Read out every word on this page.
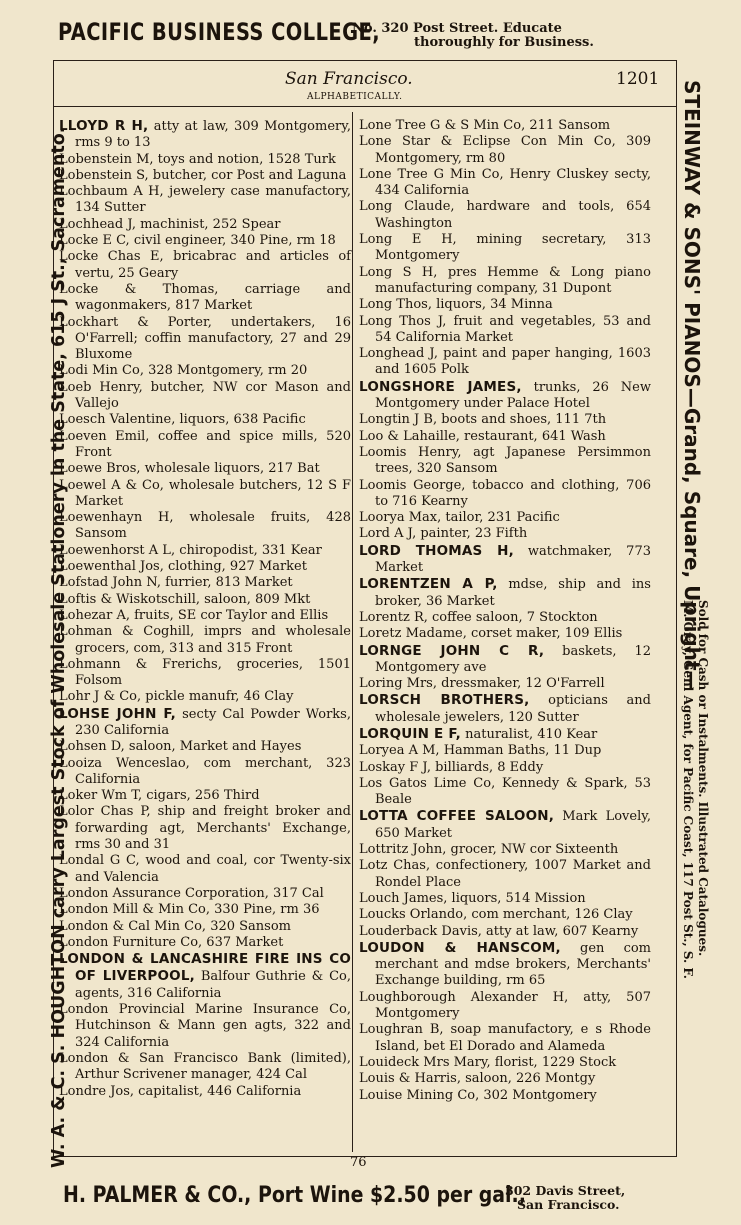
PACIFIC BUSINESS COLLEGE,
No. 320 Post Street. Educate
thoroughly for Business.
San Francisco.	1201
ALPHABETICALLY.
LLOYD R H, atty at law, 309 Montgomery, rms 9 to 13
Lobenstein M, toys and notion, 1528 Turk
Lobenstein S, butcher, cor Post and Laguna
Lochbaum A H, jewelery case manufactory, 134 Sutter
Lochhead J, machinist, 252 Spear
Locke E C, civil engineer, 340 Pine, rm 18
Locke Chas E, bricabrac and articles of vertu, 25 Geary
Locke & Thomas, carriage and wagonmakers, 817 Market
Lockhart & Porter, undertakers, 16 O'Farrell; coffin manufactory, 27 and 29 Bluxome
Lodi Min Co, 328 Montgomery, rm 20
Loeb Henry, butcher, NW cor Mason and Vallejo
Loesch Valentine, liquors, 638 Pacific
Loeven Emil, coffee and spice mills, 520 Front
Loewe Bros, wholesale liquors, 217 Bat
Loewel A & Co, wholesale butchers, 12 S F Market
Loewenhayn H, wholesale fruits, 428 Sansom
Loewenhorst A L, chiropodist, 331 Kear
Loewenthal Jos, clothing, 927 Market
Lofstad John N, furrier, 813 Market
Loftis & Wiskotschill, saloon, 809 Mkt
Lohezar A, fruits, SE cor Taylor and Ellis
Lohman & Coghill, imprs and wholesale grocers, com, 313 and 315 Front
Lohmann & Frerichs, groceries, 1501 Folsom
Lohr J & Co, pickle manufr, 46 Clay
LOHSE JOHN F, secty Cal Powder Works, 230 California
Lohsen D, saloon, Market and Hayes
Looiza Wenceslao, com merchant, 323 California
Loker Wm T, cigars, 256 Third
Lolor Chas P, ship and freight broker and forwarding agt, Merchants' Exchange, rms 30 and 31
Londal G C, wood and coal, cor Twenty-six and Valencia
London Assurance Corporation, 317 Cal
London Mill & Min Co, 330 Pine, rm 36
London & Cal Min Co, 320 Sansom
London Furniture Co, 637 Market
LONDON & LANCASHIRE FIRE INS CO OF LIVERPOOL, Balfour Guthrie & Co, agents, 316 California
London Provincial Marine Insurance Co, Hutchinson & Mann gen agts, 322 and 324 California
London & San Francisco Bank (limited), Arthur Scrivener manager, 424 Cal
Londre Jos, capitalist, 446 California
Lone Tree G & S Min Co, 211 Sansom
Lone Star & Eclipse Con Min Co, 309 Montgomery, rm 80
Lone Tree G Min Co, Henry Cluskey secty, 434 California
Long Claude, hardware and tools, 654 Washington
Long E H, mining secretary, 313 Montgomery
Long S H, pres Hemme & Long piano manufacturing company, 31 Dupont
Long Thos, liquors, 34 Minna
Long Thos J, fruit and vegetables, 53 and 54 California Market
Longhead J, paint and paper hanging, 1603 and 1605 Polk
LONGSHORE JAMES, trunks, 26 New Montgomery under Palace Hotel
Longtin J B, boots and shoes, 111 7th
Loo & Lahaille, restaurant, 641 Wash
Loomis Henry, agt Japanese Persimmon trees, 320 Sansom
Loomis George, tobacco and clothing, 706 to 716 Kearny
Loorya Max, tailor, 231 Pacific
Lord A J, painter, 23 Fifth
LORD THOMAS H, watchmaker, 773 Market
LORENTZEN A P, mdse, ship and ins broker, 36 Market
Lorentz R, coffee saloon, 7 Stockton
Loretz Madame, corset maker, 109 Ellis
LORNGE JOHN C R, baskets, 12 Montgomery ave
Loring Mrs, dressmaker, 12 O'Farrell
LORSCH BROTHERS, opticians and wholesale jewelers, 120 Sutter
LORQUIN E F, naturalist, 410 Kear
Loryea A M, Hamman Baths, 11 Dup
Loskay F J, billiards, 8 Eddy
Los Gatos Lime Co, Kennedy & Spark, 53 Beale
LOTTA COFFEE SALOON, Mark Lovely, 650 Market
Lottritz John, grocer, NW cor Sixteenth
Lotz Chas, confectionery, 1007 Market and Rondel Place
Louch James, liquors, 514 Mission
Loucks Orlando, com merchant, 126 Clay
Louderback Davis, atty at law, 607 Kearny
LOUDON & HANSCOM, gen com merchant and mdse brokers, Merchants' Exchange building, rm 65
Loughborough Alexander H, atty, 507 Montgomery
Loughran B, soap manufactory, e s Rhode Island, bet El Dorado and Alameda
Louideck Mrs Mary, florist, 1229 Stock
Louis & Harris, saloon, 226 Montgy
Louise Mining Co, 302 Montgomery
76
H. PALMER & CO., Port Wine $2.50 per gal.,
302 Davis Street,
San Francisco.
W. A. & C. S. HOUGHTON carry Largest Stock of Wholesale Stationery in the State, 615 J St., Sacramento.	STEINWAY & SONS' PIANOS—Grand, Square, Upright—
Sold for Cash or Instalments. Illustrated Catalogues.
M. Gray, Genl Agent, for Pacific Coast, 117 Post St., S. F.
